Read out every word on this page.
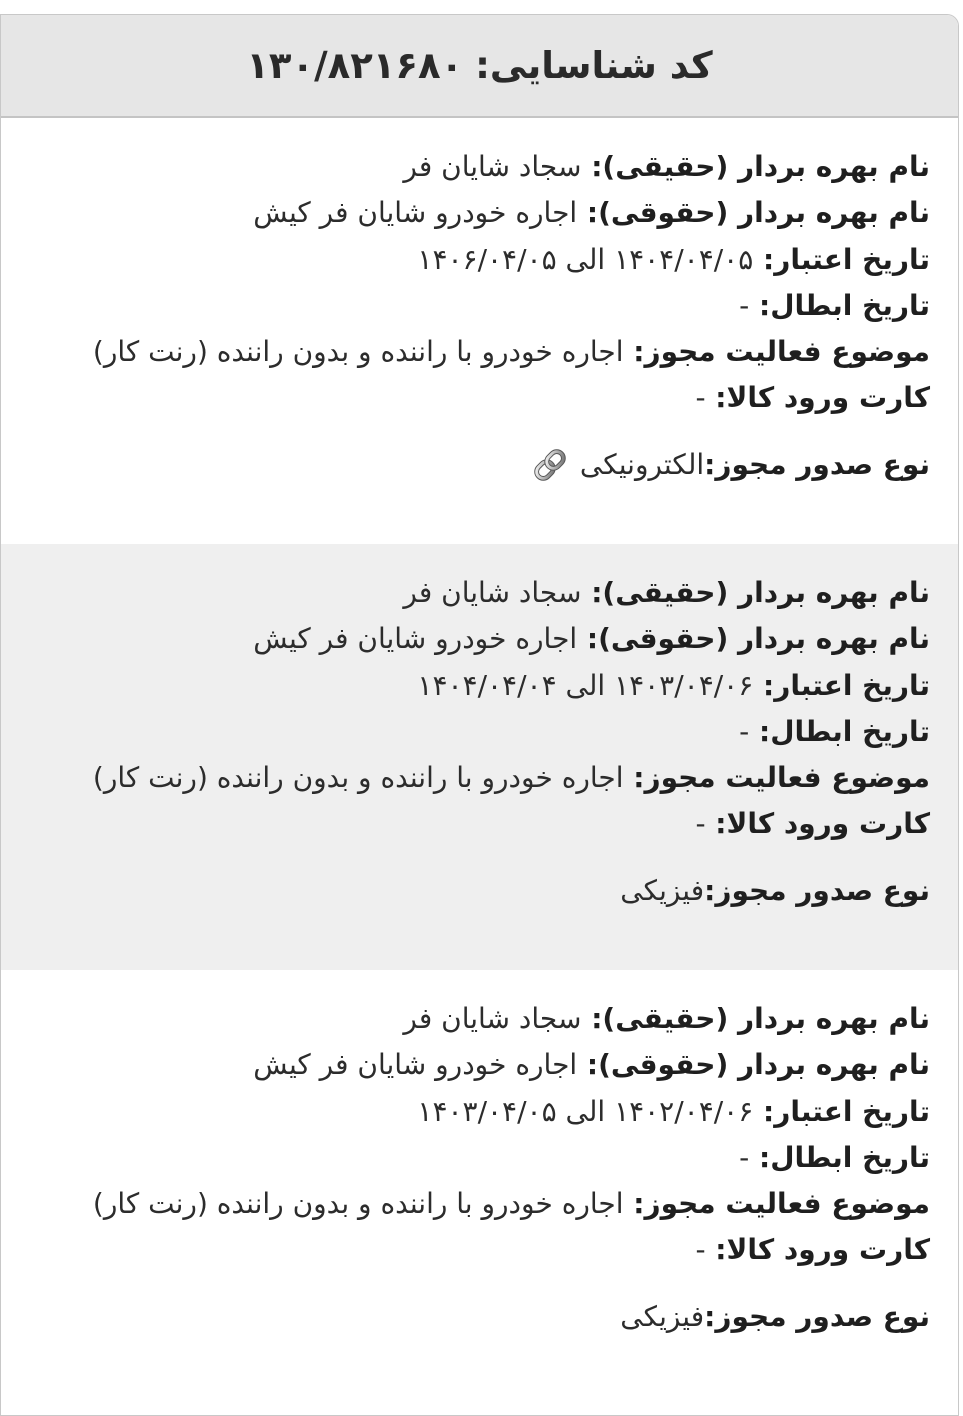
کد شناسایی:
۱۳۰/۸۲۱۶۸۰
نام بهره بردار (حقیقی): سجاد شایان فر
نام بهره بردار (حقوقی): اجاره خودرو شایان فر کیش
تاریخ اعتبار: ۱۴۰۴/۰۴/۰۵ الی ۱۴۰۶/۰۴/۰۵
تاریخ ابطال: -
موضوع فعالیت مجوز: اجاره خودرو با راننده و بدون راننده (رنت کار)
کارت ورود کالا: -
نوع صدور مجوز:
الکترونیکی
نام بهره بردار (حقیقی): سجاد شایان فر
نام بهره بردار (حقوقی): اجاره خودرو شایان فر کیش
تاریخ اعتبار: ۱۴۰۳/۰۴/۰۶ الی ۱۴۰۴/۰۴/۰۴
تاریخ ابطال: -
موضوع فعالیت مجوز: اجاره خودرو با راننده و بدون راننده (رنت کار)
کارت ورود کالا: -
نوع صدور مجوز:
فیزیکی
نام بهره بردار (حقیقی): سجاد شایان فر
نام بهره بردار (حقوقی): اجاره خودرو شایان فر کیش
تاریخ اعتبار: ۱۴۰۲/۰۴/۰۶ الی ۱۴۰۳/۰۴/۰۵
تاریخ ابطال: -
موضوع فعالیت مجوز: اجاره خودرو با راننده و بدون راننده (رنت کار)
کارت ورود کالا: -
نوع صدور مجوز:
فیزیکی
